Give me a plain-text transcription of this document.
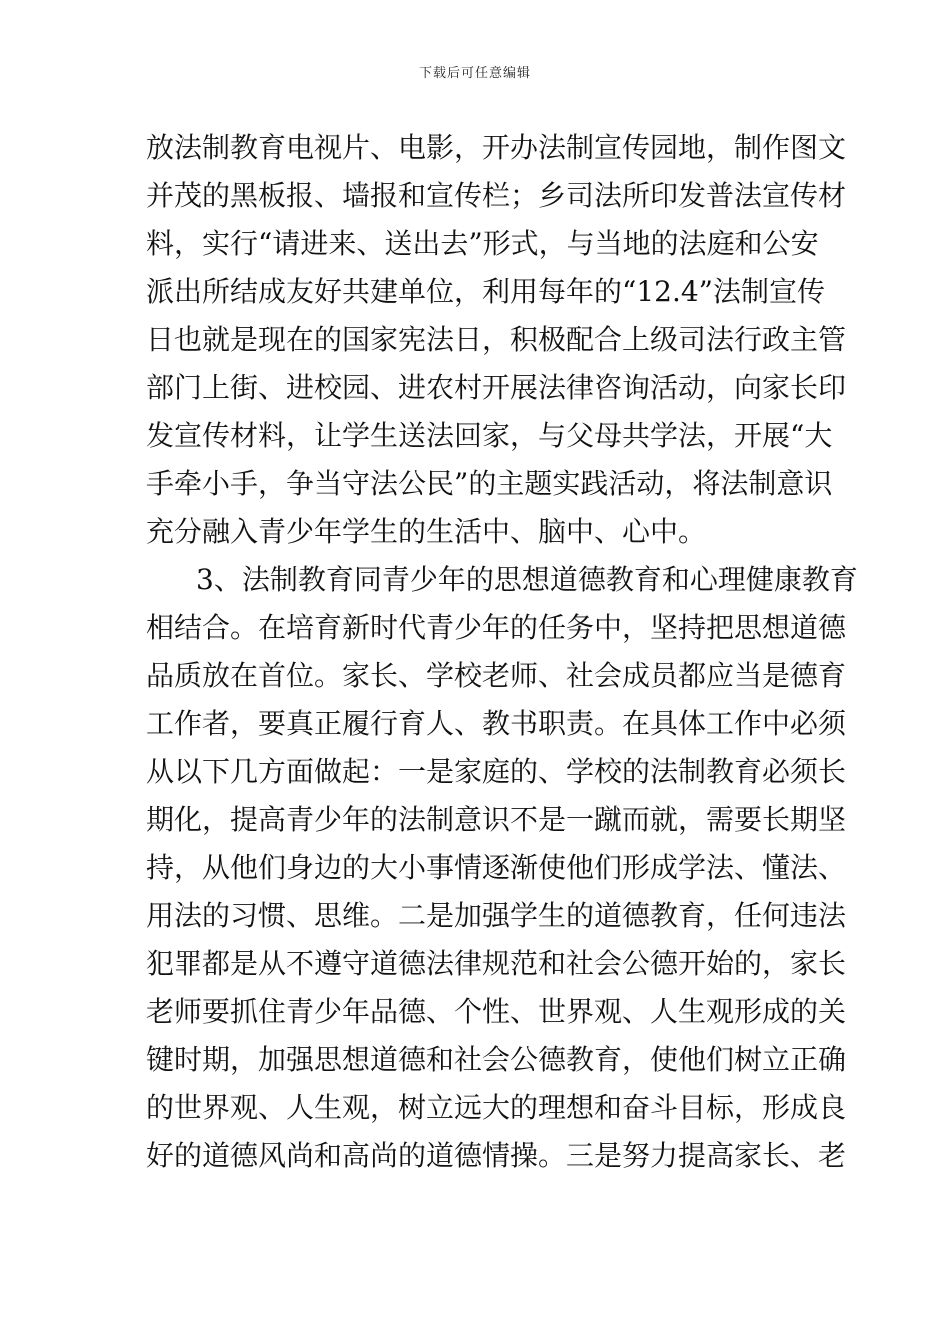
下载后可任意编辑
放法制教育电视片、电影，开办法制宣传园地，制作图文
并茂的黑板报、墙报和宣传栏；乡司法所印发普法宣传材
料，实行“请进来、送出去”形式，与当地的法庭和公安
派出所结成友好共建单位，利用每年的“12.4”法制宣传
日也就是现在的国家宪法日，积极配合上级司法行政主管
部门上街、进校园、进农村开展法律咨询活动，向家长印
发宣传材料，让学生送法回家，与父母共学法，开展“大
手牵小手，争当守法公民”的主题实践活动，将法制意识
充分融入青少年学生的生活中、脑中、心中。
3、法制教育同青少年的思想道德教育和心理健康教育
相结合。在培育新时代青少年的任务中，坚持把思想道德
品质放在首位。家长、学校老师、社会成员都应当是德育
工作者，要真正履行育人、教书职责。在具体工作中必须
从以下几方面做起：一是家庭的、学校的法制教育必须长
期化，提高青少年的法制意识不是一蹴而就，需要长期坚
持，从他们身边的大小事情逐渐使他们形成学法、懂法、
用法的习惯、思维。二是加强学生的道德教育，任何违法
犯罪都是从不遵守道德法律规范和社会公德开始的，家长
老师要抓住青少年品德、个性、世界观、人生观形成的关
键时期，加强思想道德和社会公德教育，使他们树立正确
的世界观、人生观，树立远大的理想和奋斗目标，形成良
好的道德风尚和高尚的道德情操。三是努力提高家长、老
